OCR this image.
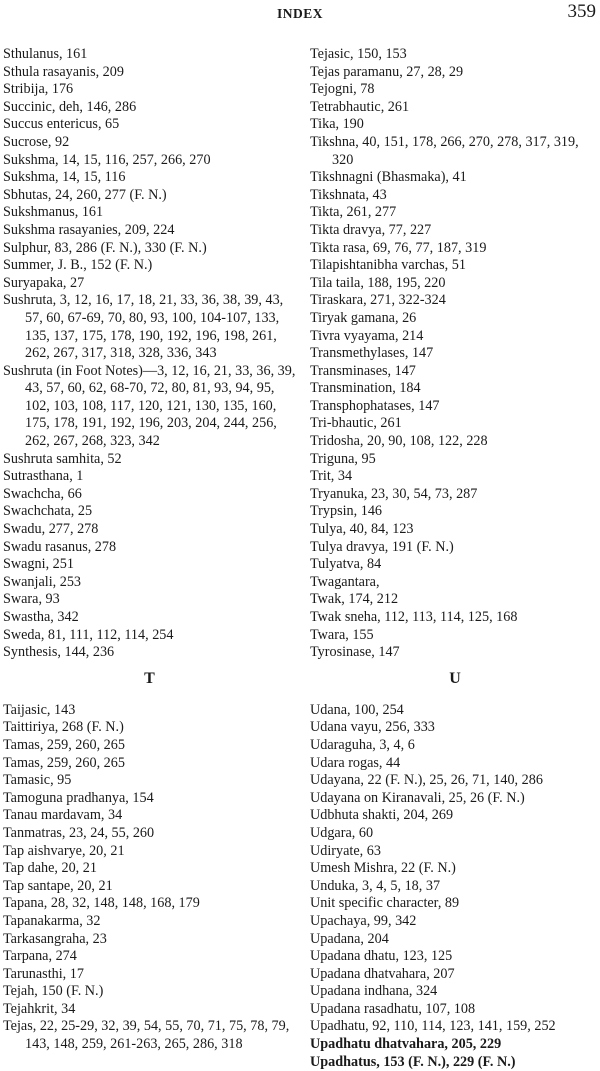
INDEX	359
Sthulanus, 161
Sthula rasayanis, 209
Stribija, 176
Succinic, deh, 146, 286
Succus entericus, 65
Sucrose, 92
Sukshma, 14, 15, 116, 257, 266, 270
Sukshma, 14, 15, 116
Sbhutas, 24, 260, 277 (F. N.)
Sukshmanus, 161
Sukshma rasayanies, 209, 224
Sulphur, 83, 286 (F. N.), 330 (F. N.)
Summer, J. B., 152 (F. N.)
Suryapaka, 27
Sushruta, 3, 12, 16, 17, 18, 21, 33, 36, 38, 39, 43, 57, 60, 67-69, 70, 80, 93, 100, 104-107, 133, 135, 137, 175, 178, 190, 192, 196, 198, 261, 262, 267, 317, 318, 328, 336, 343
Sushruta (in Foot Notes)—3, 12, 16, 21, 33, 36, 39, 43, 57, 60, 62, 68-70, 72, 80, 81, 93, 94, 95, 102, 103, 108, 117, 120, 121, 130, 135, 160, 175, 178, 191, 192, 196, 203, 204, 244, 256, 262, 267, 268, 323, 342
Sushruta samhita, 52
Sutrasthana, 1
Swachcha, 66
Swachchata, 25
Swadu, 277, 278
Swadu rasanus, 278
Swagni, 251
Swanjali, 253
Swara, 93
Swastha, 342
Sweda, 81, 111, 112, 114, 254
Synthesis, 144, 236
T
Taijasic, 143
Taittiriya, 268 (F. N.)
Tamas, 259, 260, 265
Tamas, 259, 260, 265
Tamasic, 95
Tamoguna pradhanya, 154
Tanau mardavam, 34
Tanmatras, 23, 24, 55, 260
Tap aishvarye, 20, 21
Tap dahe, 20, 21
Tap santape, 20, 21
Tapana, 28, 32, 148, 148, 168, 179
Tapanakarma, 32
Tarkasangraha, 23
Tarpana, 274
Tarunasthi, 17
Tejah, 150 (F. N.)
Tejahkrit, 34
Tejas, 22, 25-29, 32, 39, 54, 55, 70, 71, 75, 78, 79, 143, 148, 259, 261-263, 265, 286, 318
Tejasic, 150, 153
Tejas paramanu, 27, 28, 29
Tejogni, 78
Tetrabhautic, 261
Tika, 190
Tikshna, 40, 151, 178, 266, 270, 278, 317, 319, 320
Tikshnagni (Bhasmaka), 41
Tikshnata, 43
Tikta, 261, 277
Tikta dravya, 77, 227
Tikta rasa, 69, 76, 77, 187, 319
Tilapishtanibha varchas, 51
Tila taila, 188, 195, 220
Tiraskara, 271, 322-324
Tiryak gamana, 26
Tivra vyayama, 214
Transmethylases, 147
Transminases, 147
Transmination, 184
Transphophatases, 147
Tri-bhautic, 261
Tridosha, 20, 90, 108, 122, 228
Triguna, 95
Trit, 34
Tryanuka, 23, 30, 54, 73, 287
Trypsin, 146
Tulya, 40, 84, 123
Tulya dravya, 191 (F. N.)
Tulyatva, 84
Twagantara,
Twak, 174, 212
Twak sneha, 112, 113, 114, 125, 168
Twara, 155
Tyrosinase, 147
U
Udana, 100, 254
Udana vayu, 256, 333
Udaraguha, 3, 4, 6
Udara rogas, 44
Udayana, 22 (F. N.), 25, 26, 71, 140, 286
Udayana on Kiranavali, 25, 26 (F. N.)
Udbhuta shakti, 204, 269
Udgara, 60
Udiryate, 63
Umesh Mishra, 22 (F. N.)
Unduka, 3, 4, 5, 18, 37
Unit specific character, 89
Upachaya, 99, 342
Upadana, 204
Upadana dhatu, 123, 125
Upadana dhatvahara, 207
Upadana indhana, 324
Upadana rasadhatu, 107, 108
Upadhatu, 92, 110, 114, 123, 141, 159, 252
Upadhatu dhatvahara, 205, 229
Upadhatus, 153 (F. N.), 229 (F. N.)
